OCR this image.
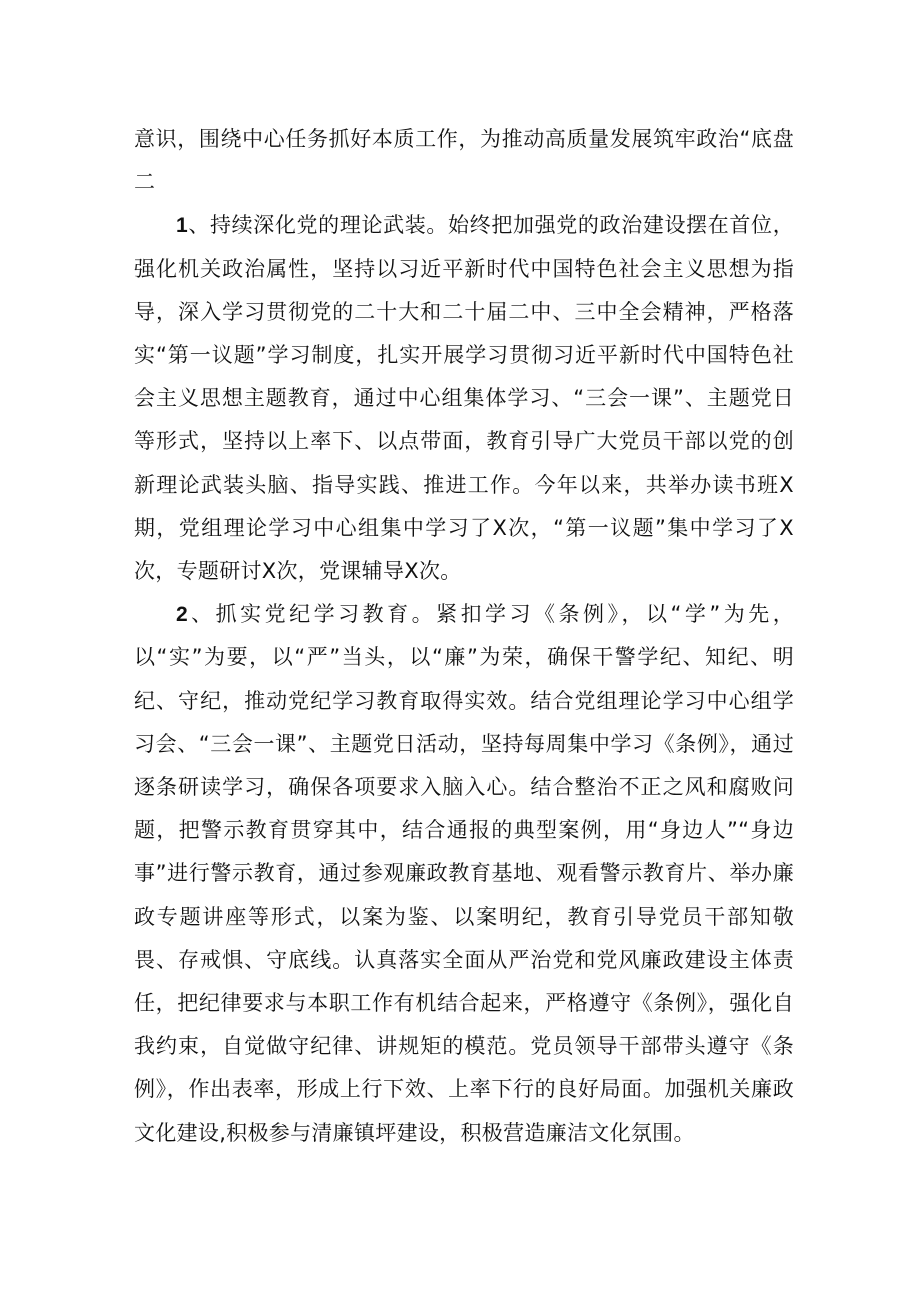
意识，围绕中心任务抓好本质工作，为推动高质量发展筑牢政治“底盘二

1、持续深化党的理论武装。始终把加强党的政治建设摆在首位，强化机关政治属性，坚持以习近平新时代中国特色社会主义思想为指导，深入学习贯彻党的二十大和二十届二中、三中全会精神，严格落实“第一议题”学习制度，扎实开展学习贯彻习近平新时代中国特色社会主义思想主题教育，通过中心组集体学习、“三会一课”、主题党日等形式，坚持以上率下、以点带面，教育引导广大党员干部以党的创新理论武装头脑、指导实践、推进工作。今年以来，共举办读书班X期，党组理论学习中心组集中学习了X次，“第一议题”集中学习了X次，专题研讨X次，党课辅导X次。

2、抓实党纪学习教育。紧扣学习《条例》，以“学”为先，以“实”为要，以“严”当头，以“廉”为荣，确保干警学纪、知纪、明纪、守纪，推动党纪学习教育取得实效。结合党组理论学习中心组学习会、“三会一课”、主题党日活动，坚持每周集中学习《条例》，通过逐条研读学习，确保各项要求入脑入心。结合整治不正之风和腐败问题，把警示教育贯穿其中，结合通报的典型案例，用“身边人”“身边事”进行警示教育，通过参观廉政教育基地、观看警示教育片、举办廉政专题讲座等形式，以案为鉴、以案明纪，教育引导党员干部知敬畏、存戒惧、守底线。认真落实全面从严治党和党风廉政建设主体责任，把纪律要求与本职工作有机结合起来，严格遵守《条例》，强化自我约束，自觉做守纪律、讲规矩的模范。党员领导干部带头遵守《条例》，作出表率，形成上行下效、上率下行的良好局面。加强机关廉政文化建设,积极参与清廉镇坪建设，积极营造廉洁文化氛围。
